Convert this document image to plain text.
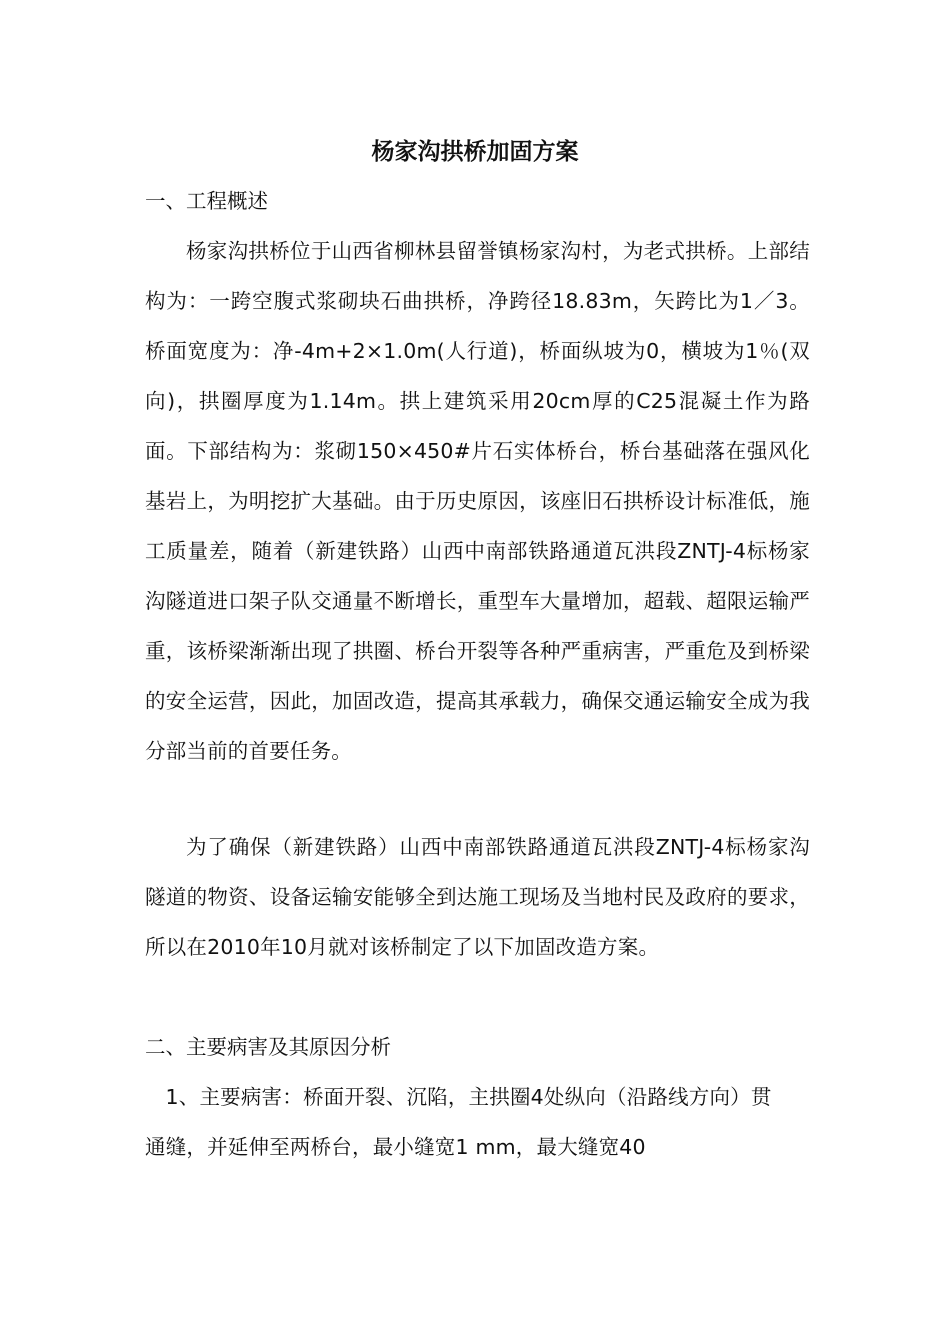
杨家沟拱桥加固方案
一、工程概述
杨家沟拱桥位于山西省柳林县留誉镇杨家沟村，为老式拱桥。上部结构为：一跨空腹式浆砌块石曲拱桥，净跨径18.83m，矢跨比为1／3。桥面宽度为：净-4m+2×1.0m(人行道)，桥面纵坡为0，横坡为1％(双向)，拱圈厚度为1.14m。拱上建筑采用20cm厚的C25混凝土作为路面。下部结构为：浆砌150×450#片石实体桥台，桥台基础落在强风化基岩上，为明挖扩大基础。由于历史原因，该座旧石拱桥设计标准低，施工质量差，随着（新建铁路）山西中南部铁路通道瓦洪段ZNTJ-4标杨家沟隧道进口架子队交通量不断增长，重型车大量增加，超载、超限运输严重，该桥梁渐渐出现了拱圈、桥台开裂等各种严重病害，严重危及到桥梁的安全运营，因此，加固改造，提高其承载力，确保交通运输安全成为我分部当前的首要任务。
为了确保（新建铁路）山西中南部铁路通道瓦洪段ZNTJ-4标杨家沟隧道的物资、设备运输安能够全到达施工现场及当地村民及政府的要求，所以在2010年10月就对该桥制定了以下加固改造方案。
二、主要病害及其原因分析
1、主要病害：桥面开裂、沉陷，主拱圈4处纵向（沿路线方向）贯通缝，并延伸至两桥台，最小缝宽1 mm，最大缝宽40
